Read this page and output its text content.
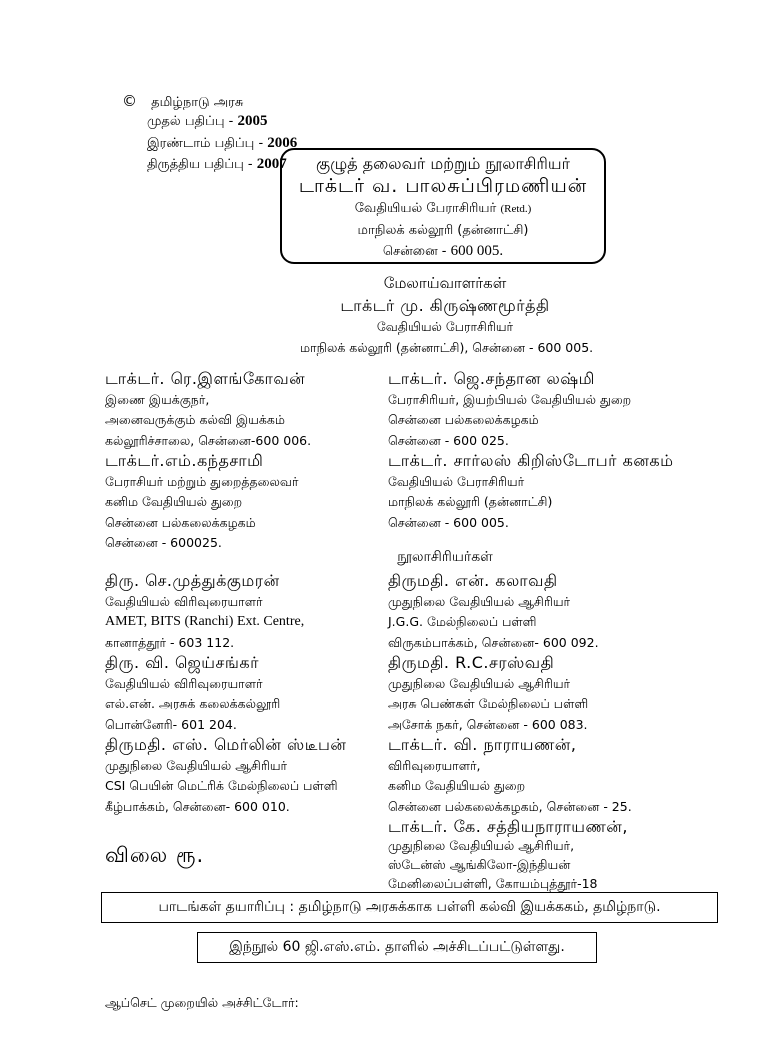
© தமிழ்நாடு அரசு
முதல் பதிப்பு - 2005
இரண்டாம் பதிப்பு - 2006
திருத்திய பதிப்பு - 2007	குழுத் தலைவர் மற்றும் நூலாசிரியர்
டாக்டர் வ. பாலசுப்பிரமணியன்
வேதியியல் பேராசிரியர் (Retd.)
மாநிலக் கல்லூரி (தன்னாட்சி)
சென்னை - 600 005.
மேலாய்வாளர்கள்
டாக்டர் மு. கிருஷ்ணமூர்த்தி
வேதியியல் பேராசிரியர்
மாநிலக் கல்லூரி (தன்னாட்சி), சென்னை - 600 005.
டாக்டர். ரெ.இளங்கோவன்
இணை இயக்குநர்,
அனைவருக்கும் கல்வி இயக்கம்
கல்லூரிச்சாலை, சென்னை-600 006.
டாக்டர்.எம்.கந்தசாமி
பேராசியர் மற்றும் துறைத்தலைவர்
கனிம வேதியியல் துறை
சென்னை பல்கலைக்கழகம்
சென்னை - 600025.
டாக்டர். ஜெ.சந்தான லஷ்மி
பேராசிரியர், இயற்பியல் வேதியியல் துறை
சென்னை பல்கலைக்கழகம்
சென்னை - 600 025.
டாக்டர். சார்லஸ் கிறிஸ்டோபர் கனகம்
வேதியியல் பேராசிரியர்
மாநிலக் கல்லூரி (தன்னாட்சி)
சென்னை - 600 005.
நூலாசிரியர்கள்
திரு. செ.முத்துக்குமரன்
வேதியியல் விரிவுரையாளர்
AMET, BITS (Ranchi) Ext. Centre,
கானாத்தூர் - 603 112.
திரு. வி. ஜெய்சங்கர்
வேதியியல் விரிவுரையாளர்
எல்.என். அரசுக் கலைக்கல்லூரி
பொன்னேரி- 601 204.
திருமதி. எஸ். மெர்லின் ஸ்டீபன்
முதுநிலை வேதியியல் ஆசிரியர்
CSI பெயின் மெட்ரிக் மேல்நிலைப் பள்ளி
கீழ்பாக்கம், சென்னை- 600 010.
திருமதி. என். கலாவதி
முதுநிலை வேதியியல் ஆசிரியர்
J.G.G. மேல்நிலைப் பள்ளி
விருகம்பாக்கம், சென்னை- 600 092.
திருமதி. R.C.சரஸ்வதி
முதுநிலை வேதியியல் ஆசிரியர்
அரசு பெண்கள் மேல்நிலைப் பள்ளி
அசோக் நகர், சென்னை - 600 083.
டாக்டர். வி. நாராயணன்,
விரிவுரையாளர்,
கனிம வேதியியல் துறை
சென்னை பல்கலைக்கழகம், சென்னை - 25.
டாக்டர். கே. சத்தியநாராயணன்,
முதுநிலை வேதியியல் ஆசிரியர்,
ஸ்டேன்ஸ் ஆங்கிலோ-இந்தியன்
மேனிலைப்பள்ளி, கோயம்புத்தூர்-18
விலை ரூ.
பாடங்கள் தயாரிப்பு : தமிழ்நாடு அரசுக்காக பள்ளி கல்வி இயக்ககம், தமிழ்நாடு.
இந்நூல் 60 ஜி.எஸ்.எம். தாளில் அச்சிடப்பட்டுள்ளது.
ஆப்செட் முறையில் அச்சிட்டோர்:
